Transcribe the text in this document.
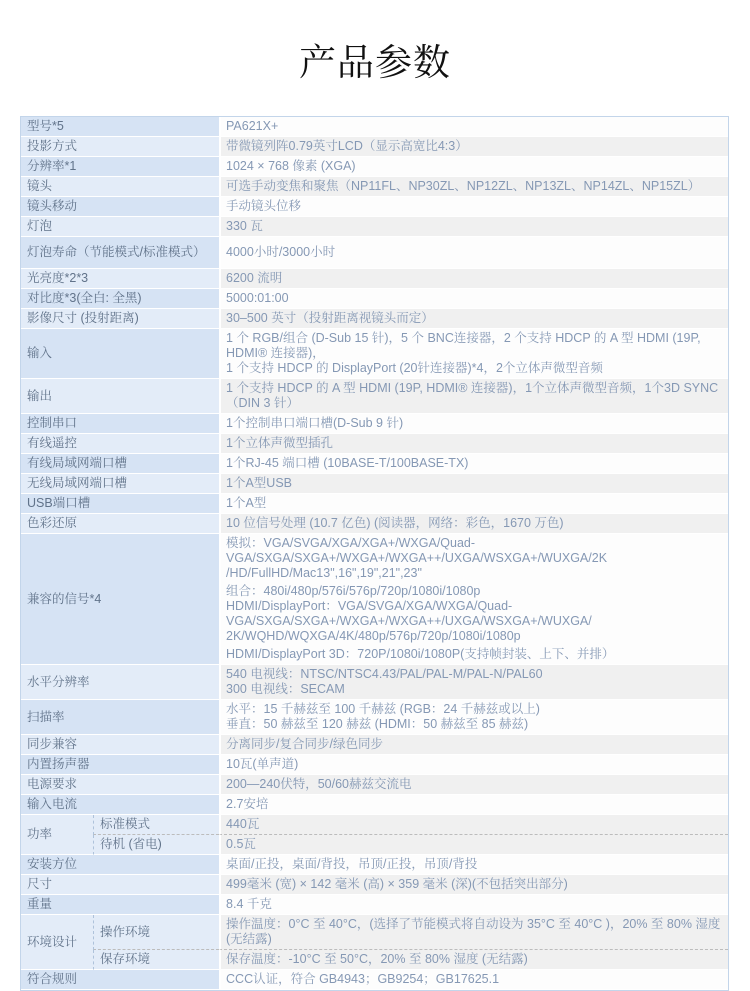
产品参数
型号*5		PA621X+
投影方式		带微镜列阵0.79英寸LCD（显示高宽比4:3）
分辨率*1		1024 × 768 像素 (XGA)
镜头		可选手动变焦和聚焦（NP11FL、NP30ZL、NP12ZL、NP13ZL、NP14ZL、NP15ZL）
镜头移动		手动镜头位移
灯泡		330 瓦
灯泡寿命（节能模式/标准模式）		4000小时/3000小时
光亮度*2*3		6200 流明
对比度*3(全白: 全黑)		5000:01:00
影像尺寸 (投射距离)		30–500 英寸（投射距离视镜头而定）
输入		1 个 RGB/组合 (D-Sub 15 针)，5 个 BNC连接器，2 个支持 HDCP 的 A 型 HDMI (19P, HDMI® 连接器)，
1 个支持 HDCP 的 DisplayPort (20针连接器)*4，2个立体声微型音频

输出		1 个支持 HDCP 的 A 型 HDMI (19P, HDMI® 连接器)，1个立体声微型音频，1个3D SYNC（DIN 3 针）
控制串口		1个控制串口端口槽(D-Sub 9 针)
有线遥控		1个立体声微型插孔
有线局域网端口槽		1个RJ-45 端口槽 (10BASE-T/100BASE-TX)
无线局域网端口槽		1个A型USB
USB端口槽		1个A型
色彩还原		10 位信号处理 (10.7 亿色) (阅读器，网络：彩色，1670 万色)
兼容的信号*4	
模拟：VGA/SVGA/XGA/XGA+/WXGA/Quad-
VGA/SXGA/SXGA+/WXGA+/WXGA++/UXGA/WSXGA+/WUXGA/2K
/HD/FullHD/Mac13",16",19",21",23"
组合：480i/480p/576i/576p/720p/1080i/1080p
HDMI/DisplayPort：VGA/SVGA/XGA/WXGA/Quad-
VGA/SXGA/SXGA+/WXGA+/WXGA++/UXGA/WSXGA+/WUXGA/
2K/WQHD/WQXGA/4K/480p/576p/720p/1080i/1080p
HDMI/DisplayPort 3D：720P/1080i/1080P(支持帧封装、上下、并排）

水平分辨率		540 电视线：NTSC/NTSC4.43/PAL/PAL-M/PAL-N/PAL60
300 电视线：SECAM

扫描率		水平：15 千赫兹至 100 千赫兹 (RGB：24 千赫兹或以上)
垂直：50 赫兹至 120 赫兹 (HDMI：50 赫兹至 85 赫兹)

同步兼容		分离同步/复合同步/绿色同步
内置扬声器		10瓦(单声道)
电源要求		200—240伏特，50/60赫兹交流电
输入电流		2.7安培
功率	标准模式	440瓦
	待机 (省电)	0.5瓦
安装方位		桌面/正投，桌面/背投，吊顶/正投，吊顶/背投
尺寸		499毫米 (宽) × 142 毫米 (高) × 359 毫米 (深)(不包括突出部分)
重量		8.4 千克
环境设计	操作环境	操作温度：0°C 至 40°C，(选择了节能模式将自动设为 35°C 至 40°C )，20% 至 80% 湿度 (无结露)
	保存环境	保存温度：-10°C 至 50°C，20% 至 80% 湿度 (无结露)
符合规则		CCC认证，符合 GB4943；GB9254；GB17625.1
